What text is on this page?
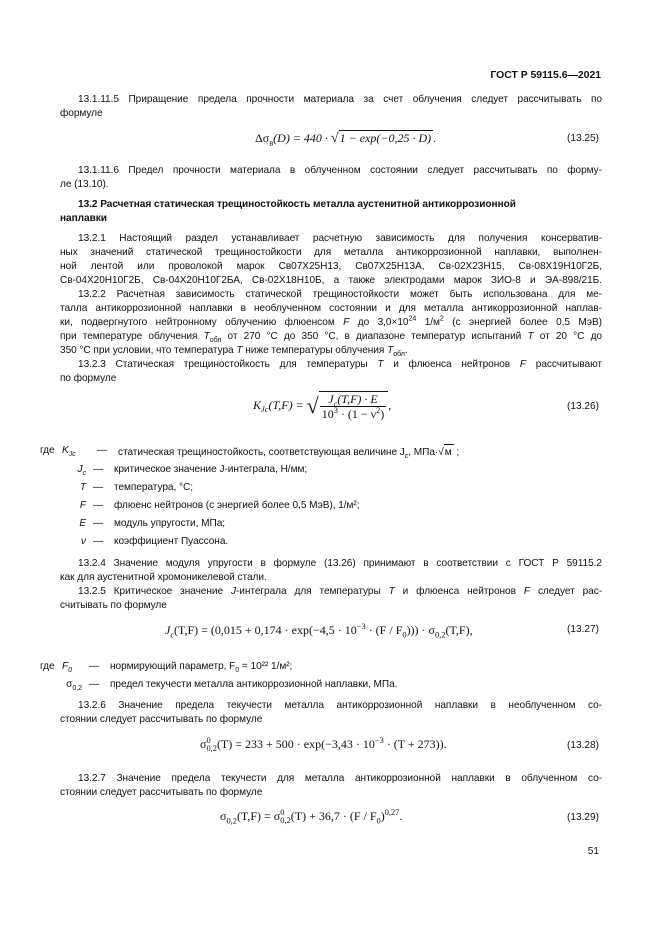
ГОСТ Р 59115.6—2021
13.1.11.5 Приращение предела прочности материала за счет облучения следует рассчитывать по
формуле
$\Delta\sigma_в(D) = 440 \cdot √1 - \exp(-0,25 \cdot D)$ .	(13.25)
13.1.11.6 Предел прочности материала в облученном состоянии следует рассчитывать по форму-
ле (13.10).
13.2 Расчетная статическая трещиностойкость металла аустенитной антикоррозионной
наплавки
13.2.1 Настоящий раздел устанавливает расчетную зависимость для получения консерватив-
ных значений статической трещиностойкости для металла антикоррозионной наплавки, выполнен-
ной лентой или проволокой марок Св07Х25Н13, Св07Х25Н13А, Св-02Х23Н15, Св-08Х19Н10Г2Б,
Св-04Х20Н10Г2Б, Св-04Х20Н10Г2БА, Св-02Х18Н10Б, а также электродами марок ЗИО-8 и ЭА-898/21Б.
13.2.2 Расчетная зависимость статической трещиностойкости может быть использована для ме-
талла антикоррозионной наплавки в необлученном состоянии и для металла антикоррозионной наплав-
ки, подвергнутого нейтронному облучению флюенсом F до $3,0\times 10^{24}$ $1/м^2$ (с энергией более 0,5 МэВ)
при температуре облучения $T_{обл}$ от 270 °С до 350 °С, в диапазоне температур испытаний T от 20 °С до
350 °С при условии, что температура T ниже температуры облучения $T_{обл}$.
13.2.3 Статическая трещиностойкость для температуры T и флюенса нейтронов F рассчитывают
по формуле
$K_{Jc}(T,F)$ = √ $\frac{J_c(T,F) \cdot E}{10^3 \cdot (1 - \nu^2)}$ ,	(13.26)
где $K_{Jc}$	—	статическая трещиностойкость, соответствующая величине $J_c$, МПа·√м ;
$J_c$ —	критическое значение J-интеграла, Н/мм;
T —	температура, °С;
F —	флюенс нейтронов (с энергией более 0,5 МэВ), 1/м²;
E —	модуль упругости, МПа;
ν —	коэффициент Пуассона.
13.2.4 Значение модуля упругости в формуле (13.26) принимают в соответствии с ГОСТ Р 59115.2
как для аустенитной хромоникелевой стали.
13.2.5 Критическое значение J-интеграла для температуры T и флюенса нейтронов F следует рас-
считывать по формуле
$J_c(T,F) = (0,015 + 0,174 \cdot \exp(-4,5 \cdot 10^{-3} \cdot (F / F_0))) \cdot \sigma_{0,2}(T,F)$,	(13.27)
где $F_0$	—	нормирующий параметр, $F_0 = 10^{22}$ 1/м²;
$\sigma_{0,2}$ —	предел текучести металла антикоррозионной наплавки, МПа.
13.2.6 Значение предела текучести металла антикоррозионной наплавки в необлученном со-
стоянии следует рассчитывать по формуле
σ 0
0,2 $(T) = 233 + 500 \cdot \exp(-3,43 \cdot 10^{-3} \cdot (T + 273))$.	(13.28)
13.2.7 Значение предела текучести для металла антикоррозионной наплавки в облученном со-
стоянии следует рассчитывать по формуле
$\sigma_{0,2}(T,F) = \sigma$ 0
0,2 $(T) + 36,7 \cdot (F / F_0)^{0,27}$.	(13.29)
51
